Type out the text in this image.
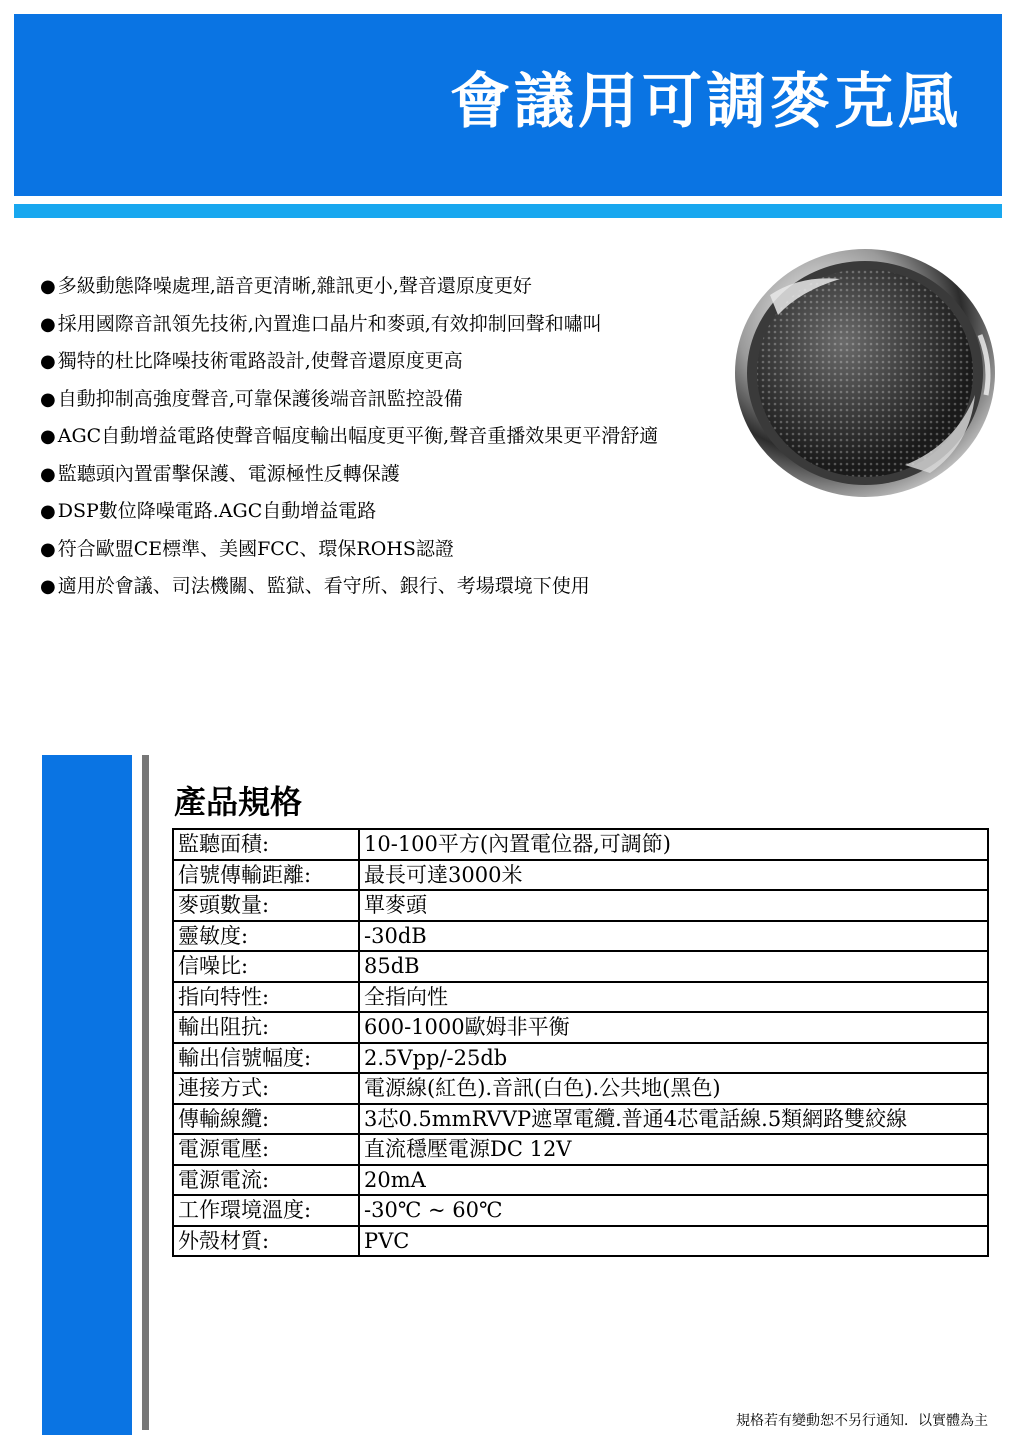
會議用可調麥克風
● 多級動態降噪處理,語音更清晰,雜訊更小,聲音還原度更好
● 採用國際音訊領先技術,內置進口晶片和麥頭,有效抑制回聲和嘯叫
● 獨特的杜比降噪技術電路設計,使聲音還原度更高
● 自動抑制高強度聲音,可靠保護後端音訊監控設備
● AGC自動增益電路使聲音幅度輸出幅度更平衡,聲音重播效果更平滑舒適
● 監聽頭內置雷擊保護、電源極性反轉保護
● DSP數位降噪電路.AGC自動增益電路
● 符合歐盟CE標準、美國FCC、環保ROHS認證
● 適用於會議、司法機關、監獄、看守所、銀行、考場環境下使用
產品規格
監聽面積:	10-100平方(內置電位器,可調節)
信號傳輸距離:	最長可達3000米
麥頭數量:	單麥頭
靈敏度:	-30dB
信噪比:	85dB
指向特性:	全指向性
輸出阻抗:	600-1000歐姆非平衡
輸出信號幅度:	2.5Vpp/-25db
連接方式:	電源線(紅色).音訊(白色).公共地(黑色)
傳輸線纜:	3芯0.5mmRVVP遮罩電纜.普通4芯電話線.5類網路雙絞線
電源電壓:	直流穩壓電源DC 12V
電源電流:	20mA
工作環境溫度:	-30℃ ~ 60℃
外殼材質:	PVC
規格若有變動恕不另行通知．以實體為主
